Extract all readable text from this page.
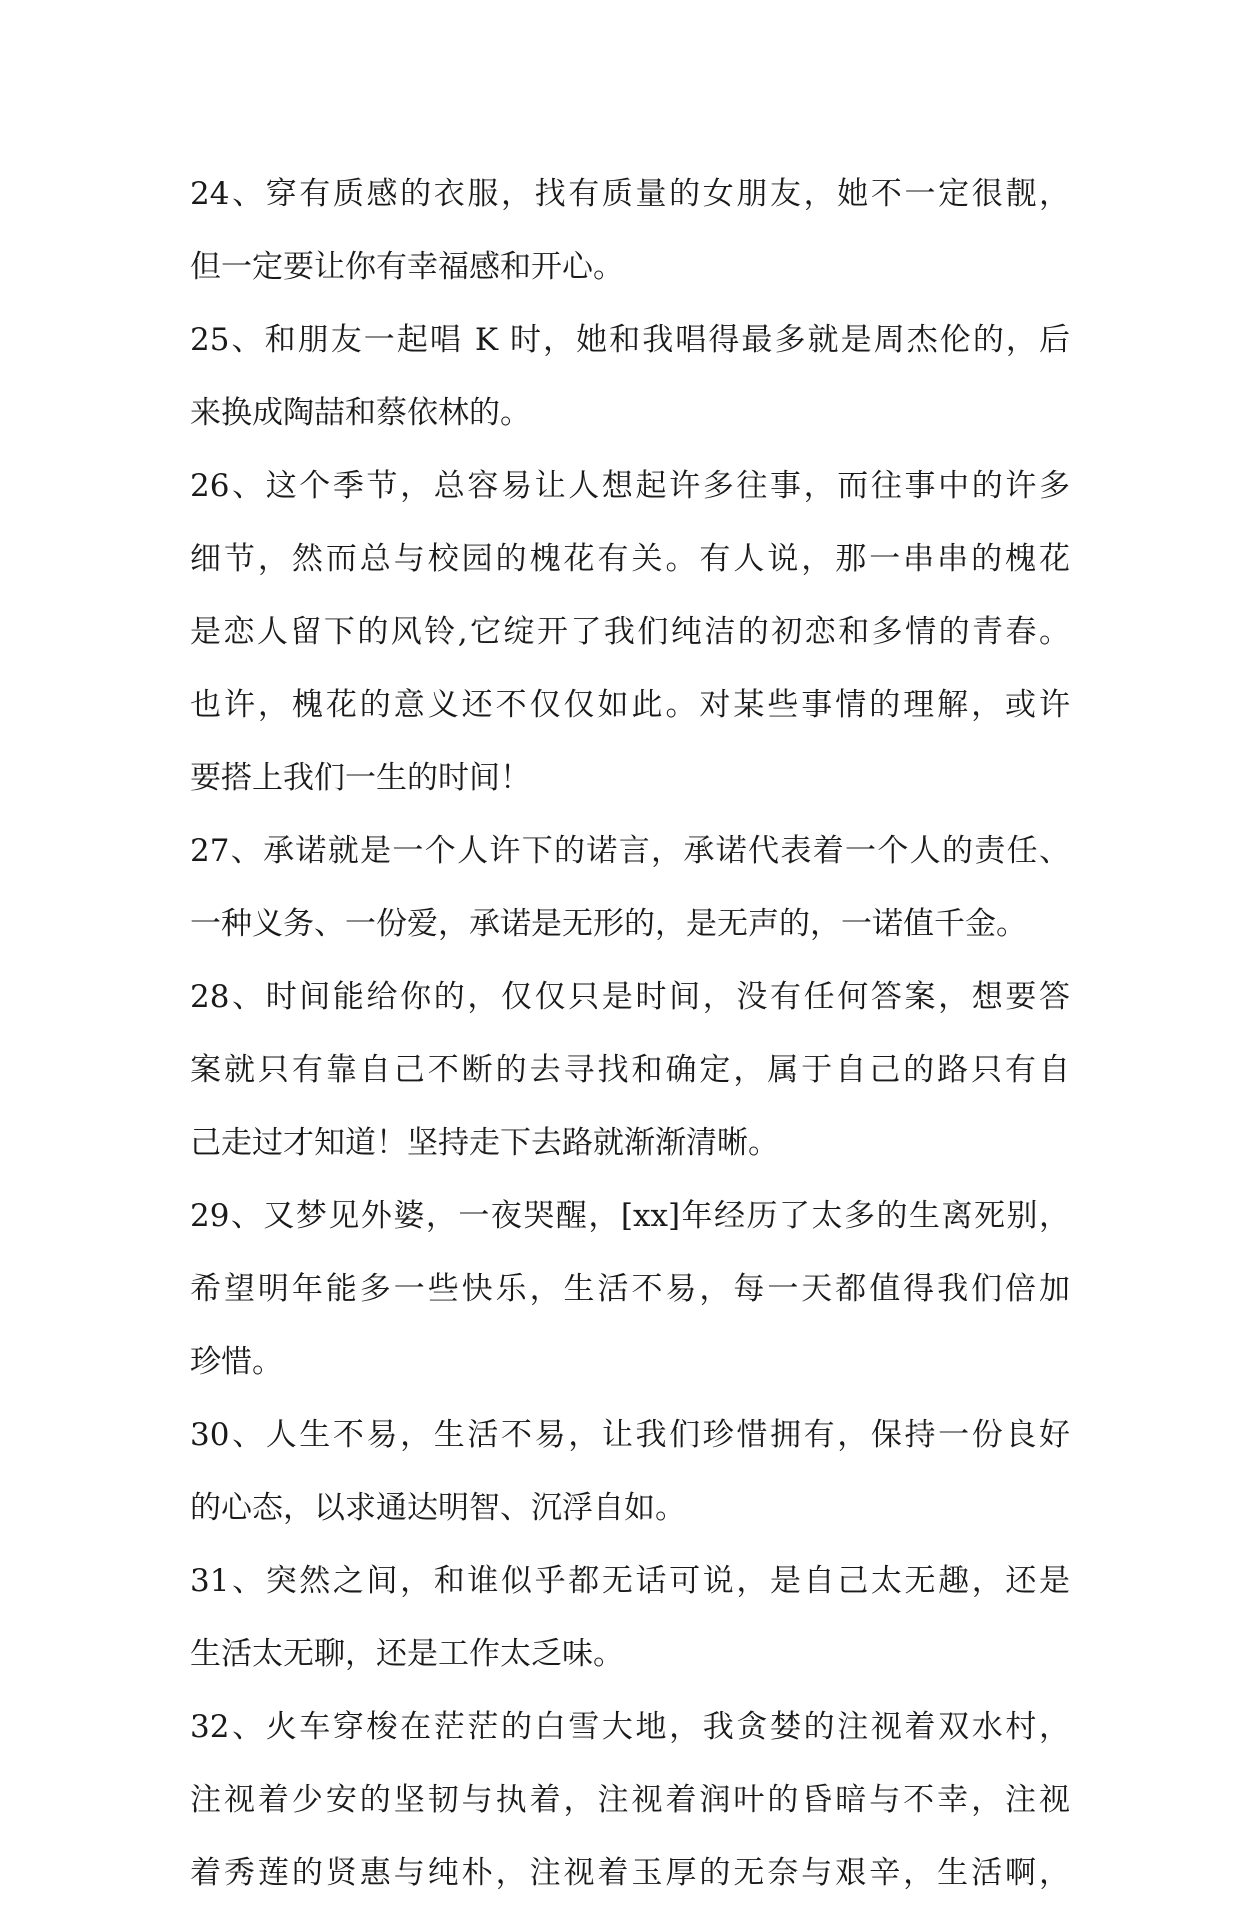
24、穿有质感的衣服，找有质量的女朋友，她不一定很靓，
但一定要让你有幸福感和开心。
25、和朋友一起唱 K 时，她和我唱得最多就是周杰伦的，后
来换成陶喆和蔡依林的。
26、这个季节，总容易让人想起许多往事，而往事中的许多
细节，然而总与校园的槐花有关。有人说，那一串串的槐花
是恋人留下的风铃,它绽开了我们纯洁的初恋和多情的青春。
也许，槐花的意义还不仅仅如此。对某些事情的理解，或许
要搭上我们一生的时间！
27、承诺就是一个人许下的诺言，承诺代表着一个人的责任、
一种义务、一份爱，承诺是无形的，是无声的，一诺值千金。
28、时间能给你的，仅仅只是时间，没有任何答案，想要答
案就只有靠自己不断的去寻找和确定，属于自己的路只有自
己走过才知道！坚持走下去路就渐渐清晰。
29、又梦见外婆，一夜哭醒，[xx]年经历了太多的生离死别，
希望明年能多一些快乐，生活不易，每一天都值得我们倍加
珍惜。
30、人生不易，生活不易，让我们珍惜拥有，保持一份良好
的心态，以求通达明智、沉浮自如。
31、突然之间，和谁似乎都无话可说，是自己太无趣，还是
生活太无聊，还是工作太乏味。
32、火车穿梭在茫茫的白雪大地，我贪婪的注视着双水村，
注视着少安的坚韧与执着，注视着润叶的昏暗与不幸，注视
着秀莲的贤惠与纯朴，注视着玉厚的无奈与艰辛，生活啊，
